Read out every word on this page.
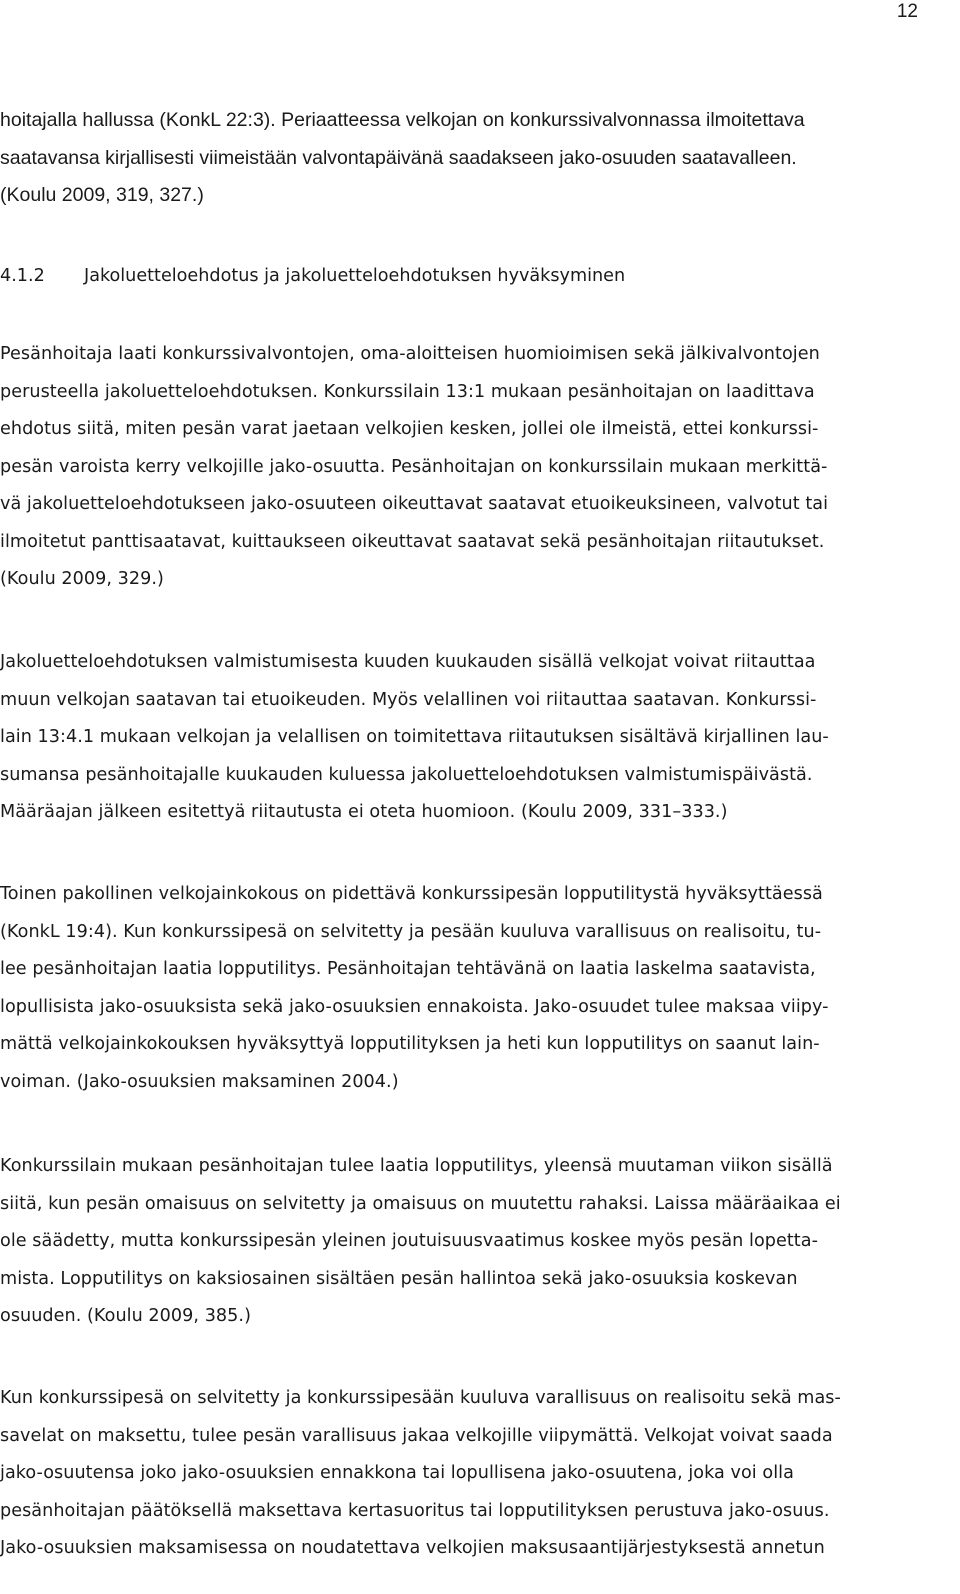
12
hoitajalla hallussa (KonkL 22:3). Periaatteessa velkojan on konkurssivalvonnassa ilmoitettava
saatavansa kirjallisesti viimeistään valvontapäivänä saadakseen jako-osuuden saatavalleen.
(Koulu 2009, 319, 327.)
4.1.2 Jakoluetteloehdotus ja jakoluetteloehdotuksen hyväksyminen
Pesänhoitaja laati konkurssivalvontojen, oma-aloitteisen huomioimisen sekä jälkivalvontojen
perusteella jakoluetteloehdotuksen. Konkurssilain 13:1 mukaan pesänhoitajan on laadittava
ehdotus siitä, miten pesän varat jaetaan velkojien kesken, jollei ole ilmeistä, ettei konkurssi-
pesän varoista kerry velkojille jako-osuutta. Pesänhoitajan on konkurssilain mukaan merkittä-
vä jakoluetteloehdotukseen jako-osuuteen oikeuttavat saatavat etuoikeuksineen, valvotut tai
ilmoitetut panttisaatavat, kuittaukseen oikeuttavat saatavat sekä pesänhoitajan riitautukset.
(Koulu 2009, 329.)
Jakoluetteloehdotuksen valmistumisesta kuuden kuukauden sisällä velkojat voivat riitauttaa
muun velkojan saatavan tai etuoikeuden. Myös velallinen voi riitauttaa saatavan. Konkurssi-
lain 13:4.1 mukaan velkojan ja velallisen on toimitettava riitautuksen sisältävä kirjallinen lau-
sumansa pesänhoitajalle kuukauden kuluessa jakoluetteloehdotuksen valmistumispäivästä.
Määräajan jälkeen esitettyä riitautusta ei oteta huomioon. (Koulu 2009, 331–333.)
Toinen pakollinen velkojainkokous on pidettävä konkurssipesän lopputilitystä hyväksyttäessä
(KonkL 19:4). Kun konkurssipesä on selvitetty ja pesään kuuluva varallisuus on realisoitu, tu-
lee pesänhoitajan laatia lopputilitys. Pesänhoitajan tehtävänä on laatia laskelma saatavista,
lopullisista jako-osuuksista sekä jako-osuuksien ennakoista. Jako-osuudet tulee maksaa viipy-
mättä velkojainkokouksen hyväksyttyä lopputilityksen ja heti kun lopputilitys on saanut lain-
voiman. (Jako-osuuksien maksaminen 2004.)
Konkurssilain mukaan pesänhoitajan tulee laatia lopputilitys, yleensä muutaman viikon sisällä
siitä, kun pesän omaisuus on selvitetty ja omaisuus on muutettu rahaksi. Laissa määräaikaa ei
ole säädetty, mutta konkurssipesän yleinen joutuisuusvaatimus koskee myös pesän lopetta-
mista. Lopputilitys on kaksiosainen sisältäen pesän hallintoa sekä jako-osuuksia koskevan
osuuden. (Koulu 2009, 385.)
Kun konkurssipesä on selvitetty ja konkurssipesään kuuluva varallisuus on realisoitu sekä mas-
savelat on maksettu, tulee pesän varallisuus jakaa velkojille viipymättä. Velkojat voivat saada
jako-osuutensa joko jako-osuuksien ennakkona tai lopullisena jako-osuutena, joka voi olla
pesänhoitajan päätöksellä maksettava kertasuoritus tai lopputilityksen perustuva jako-osuus.
Jako-osuuksien maksamisessa on noudatettava velkojien maksusaantijärjestyksestä annetun
